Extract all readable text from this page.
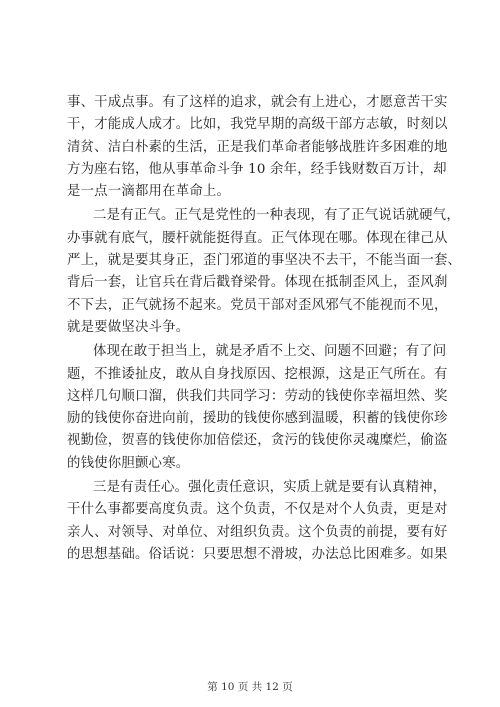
事、干成点事。有了这样的追求，就会有上进心，才愿意苦干实
干，才能成人成才。比如，我党早期的高级干部方志敏，时刻以
清贫、洁白朴素的生活，正是我们革命者能够战胜许多困难的地
方为座右铭，他从事革命斗争 10 余年，经手钱财数百万计，却
是一点一滴都用在革命上。
二是有正气。正气是党性的一种表现，有了正气说话就硬气，
办事就有底气，腰杆就能挺得直。正气体现在哪。体现在律己从
严上，就是要其身正，歪门邪道的事坚决不去干，不能当面一套、
背后一套，让官兵在背后戳脊梁骨。体现在抵制歪风上，歪风刹
不下去，正气就扬不起来。党员干部对歪风邪气不能视而不见，
就是要做坚决斗争。
体现在敢于担当上，就是矛盾不上交、问题不回避；有了问
题，不推诿扯皮，敢从自身找原因、挖根源，这是正气所在。有
这样几句顺口溜，供我们共同学习：劳动的钱使你幸福坦然、奖
励的钱使你奋进向前，援助的钱使你感到温暖，积蓄的钱使你珍
视勤俭，贺喜的钱使你加倍偿还，贪污的钱使你灵魂糜烂，偷盗
的钱使你胆颤心寒。
三是有责任心。强化责任意识，实质上就是要有认真精神，
干什么事都要高度负责。这个负责，不仅是对个人负责，更是对
亲人、对领导、对单位、对组织负责。这个负责的前提，要有好
的思想基础。俗话说：只要思想不滑坡，办法总比困难多。如果
第 10 页 共 12 页
